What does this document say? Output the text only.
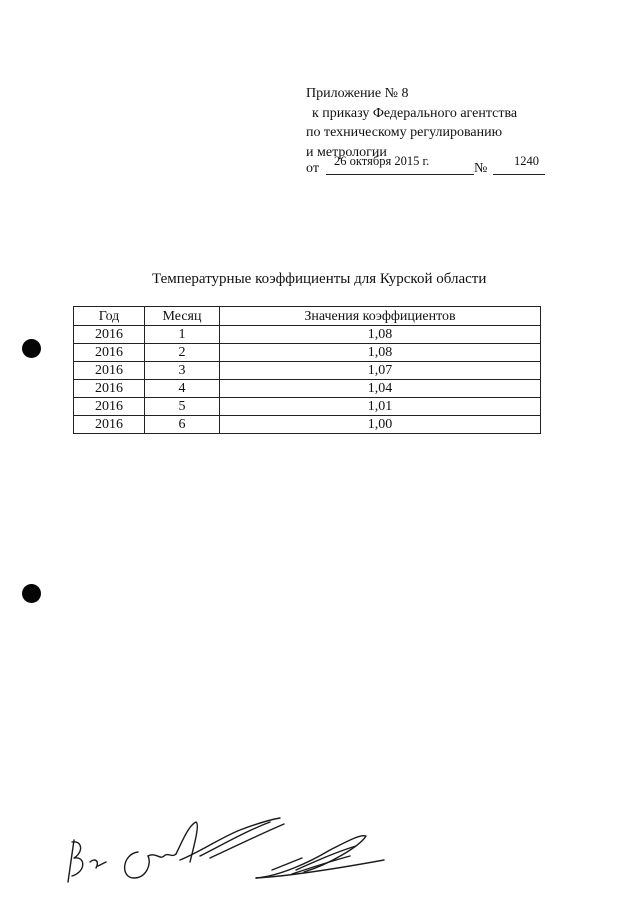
Приложение № 8
к приказу Федерального агентства
по техническому регулированию
и метрологии
от 26 октября 2015 г.	№ 1240
Температурные коэффициенты для Курской области
Год	Месяц	Значения коэффициентов
2016	1	1,08
2016	2	1,08
2016	3	1,07
2016	4	1,04
2016	5	1,01
2016	6	1,00
Вр.
